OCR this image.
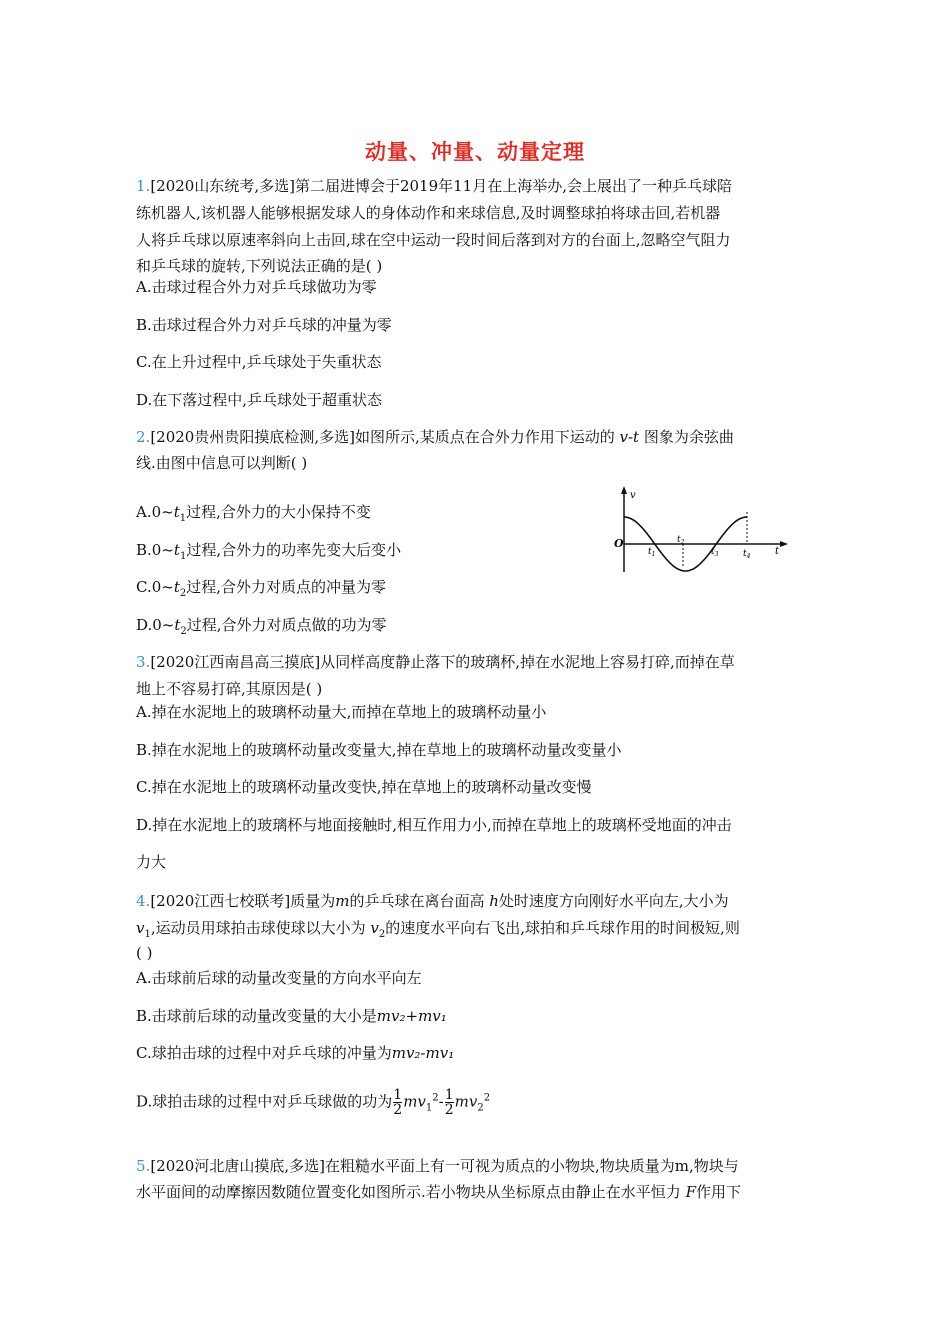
动量、冲量、动量定理
1.[2020山东统考,多选]第二届进博会于2019年11月在上海举办,会上展出了一种乒乓球陪
练机器人,该机器人能够根据发球人的身体动作和来球信息,及时调整球拍将球击回,若机器
人将乒乓球以原速率斜向上击回,球在空中运动一段时间后落到对方的台面上,忽略空气阻力
和乒乓球的旋转,下列说法正确的是( )
A.击球过程合外力对乒乓球做功为零
B.击球过程合外力对乒乓球的冲量为零
C.在上升过程中,乒乓球处于失重状态
D.在下落过程中,乒乓球处于超重状态
2.[2020贵州贵阳摸底检测,多选]如图所示,某质点在合外力作用下运动的 v-t 图象为余弦曲
线.由图中信息可以判断( )
$A.0\sim t_1$过程,合外力的大小保持不变
$B.0\sim t_1$过程,合外力的功率先变大后变小
$C.0\sim t_2$过程,合外力对质点的冲量为零
$D.0\sim t_2$过程,合外力对质点做的功为零
v
O
t
$t_1$
$t_2$
$t_3$	$t_4$
3.[2020江西南昌高三摸底]从同样高度静止落下的玻璃杯,掉在水泥地上容易打碎,而掉在草
地上不容易打碎,其原因是( )
A.掉在水泥地上的玻璃杯动量大,而掉在草地上的玻璃杯动量小
B.掉在水泥地上的玻璃杯动量改变量大,掉在草地上的玻璃杯动量改变量小
C.掉在水泥地上的玻璃杯动量改变快,掉在草地上的玻璃杯动量改变慢
D.掉在水泥地上的玻璃杯与地面接触时,相互作用力小,而掉在草地上的玻璃杯受地面的冲击
力大
4.[2020江西七校联考]质量为m的乒乓球在离台面高 h处时速度方向刚好水平向左,大小为
$v_1$,运动员用球拍击球使球以大小为 $v_2$的速度水平向右飞出,球拍和乒乓球作用的时间极短,则
( )
A.击球前后球的动量改变量的方向水平向左
B.击球前后球的动量改变量的大小是mv₂+mv₁
C.球拍击球的过程中对乒乓球的冲量为mv₂-mv₁
D.球拍击球的过程中对乒乓球做的功为 $\frac{1}{2} mv_1^2- \frac{1}{2} mv_2^2$
5.[2020河北唐山摸底,多选]在粗糙水平面上有一可视为质点的小物块,物块质量为m,物块与
水平面间的动摩擦因数随位置变化如图所示.若小物块从坐标原点由静止在水平恒力 F作用下
